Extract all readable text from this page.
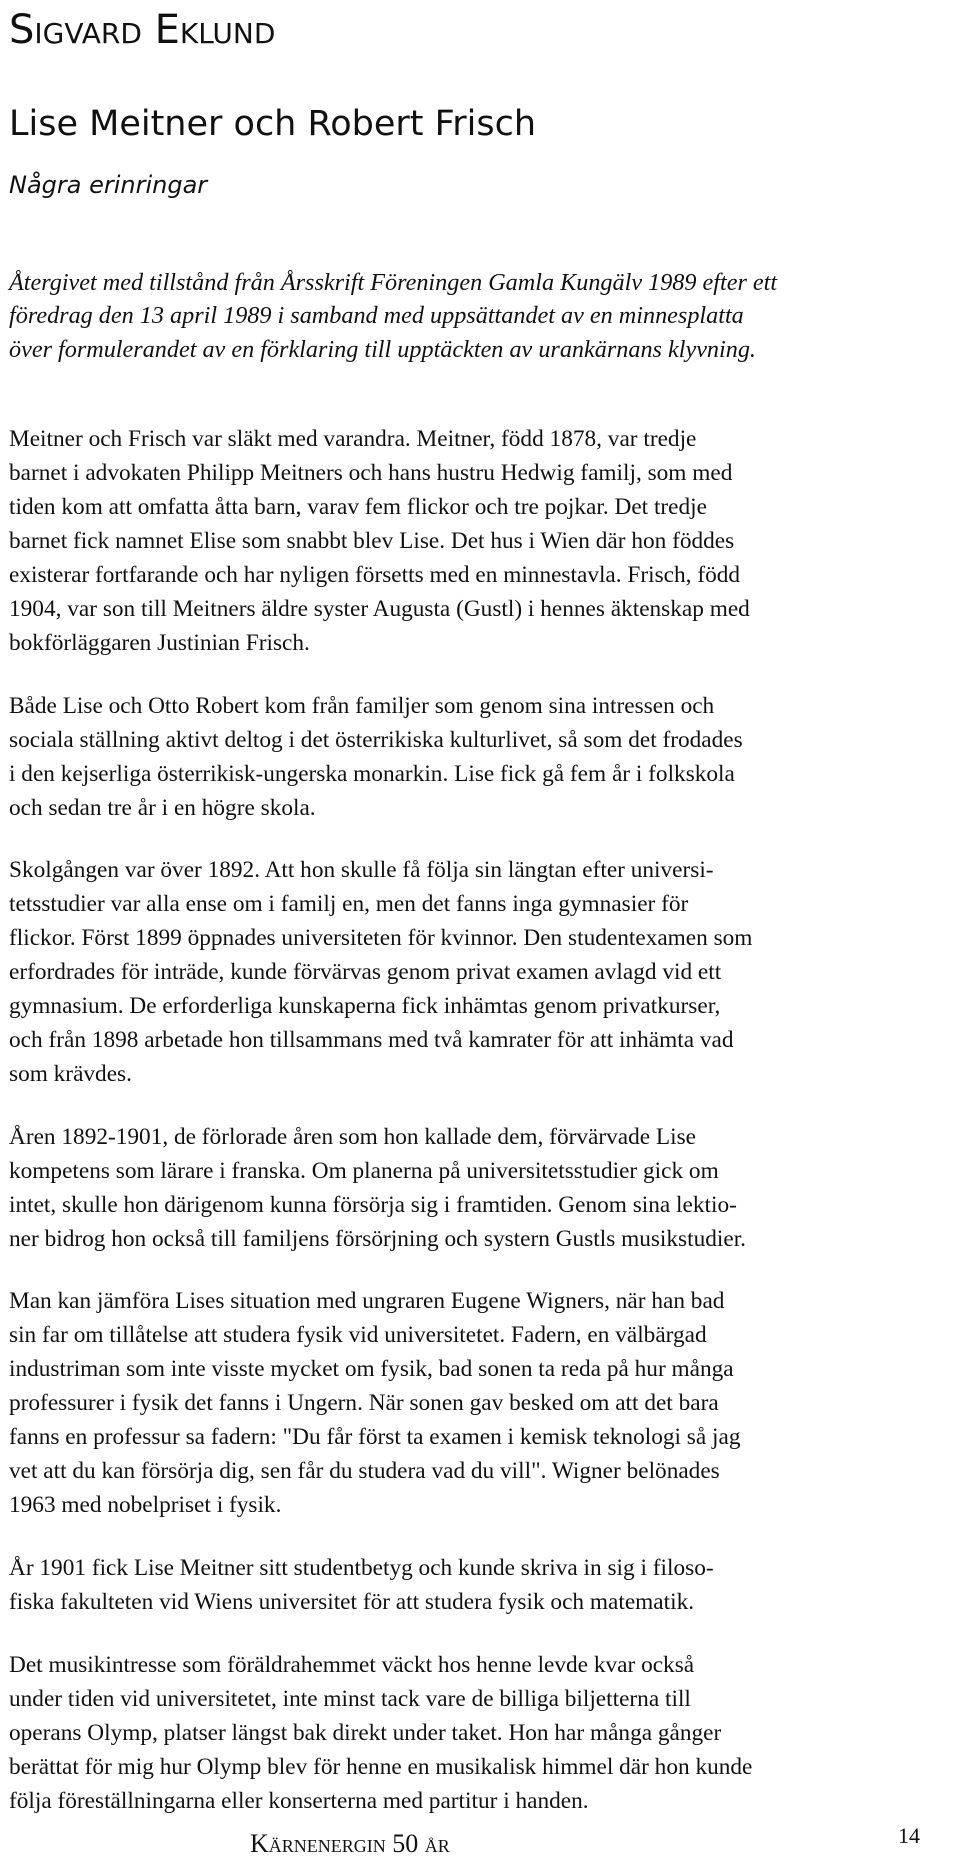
Sigvard Eklund
Lise Meitner och Robert Frisch

Några erinringar

Återgivet med tillstånd från Årsskrift Föreningen Gamla Kungälv 1989 efter ett
föredrag den 13 april 1989 i samband med uppsättandet av en minnesplatta
över formulerandet av en förklaring till upptäckten av urankärnans klyvning.

Meitner och Frisch var släkt med varandra. Meitner, född 1878, var tredje
barnet i advokaten Philipp Meitners och hans hustru Hedwig familj, som med
tiden kom att omfatta åtta barn, varav fem flickor och tre pojkar. Det tredje
barnet fick namnet Elise som snabbt blev Lise. Det hus i Wien där hon föddes
existerar fortfarande och har nyligen försetts med en minnestavla. Frisch, född
1904, var son till Meitners äldre syster Augusta (Gustl) i hennes äktenskap med
bokförläggaren Justinian Frisch.

Både Lise och Otto Robert kom från familjer som genom sina intressen och
sociala ställning aktivt deltog i det österrikiska kulturlivet, så som det frodades
i den kejserliga österrikisk-ungerska monarkin. Lise fick gå fem år i folkskola
och sedan tre år i en högre skola.

Skolgången var över 1892. Att hon skulle få följa sin längtan efter universi-
tetsstudier var alla ense om i familj en, men det fanns inga gymnasier för
flickor. Först 1899 öppnades universiteten för kvinnor. Den studentexamen som
erfordrades för inträde, kunde förvärvas genom privat examen avlagd vid ett
gymnasium. De erforderliga kunskaperna fick inhämtas genom privatkurser,
och från 1898 arbetade hon tillsammans med två kamrater för att inhämta vad
som krävdes.

Åren 1892-1901, de förlorade åren som hon kallade dem, förvärvade Lise
kompetens som lärare i franska. Om planerna på universitetsstudier gick om
intet, skulle hon därigenom kunna försörja sig i framtiden. Genom sina lektio-
ner bidrog hon också till familjens försörjning och systern Gustls musikstudier.

Man kan jämföra Lises situation med ungraren Eugene Wigners, när han bad
sin far om tillåtelse att studera fysik vid universitetet. Fadern, en välbärgad
industriman som inte visste mycket om fysik, bad sonen ta reda på hur många
professurer i fysik det fanns i Ungern. När sonen gav besked om att det bara
fanns en professur sa fadern: "Du får först ta examen i kemisk teknologi så jag
vet att du kan försörja dig, sen får du studera vad du vill". Wigner belönades
1963 med nobelpriset i fysik.

År 1901 fick Lise Meitner sitt studentbetyg och kunde skriva in sig i filoso-
fiska fakulteten vid Wiens universitet för att studera fysik och matematik.

Det musikintresse som föräldrahemmet väckt hos henne levde kvar också
under tiden vid universitetet, inte minst tack vare de billiga biljetterna till
operans Olymp, platser längst bak direkt under taket. Hon har många gånger
berättat för mig hur Olymp blev för henne en musikalisk himmel där hon kunde
följa föreställningarna eller konserterna med partitur i handen.

Kärnenergin 50 år	14
